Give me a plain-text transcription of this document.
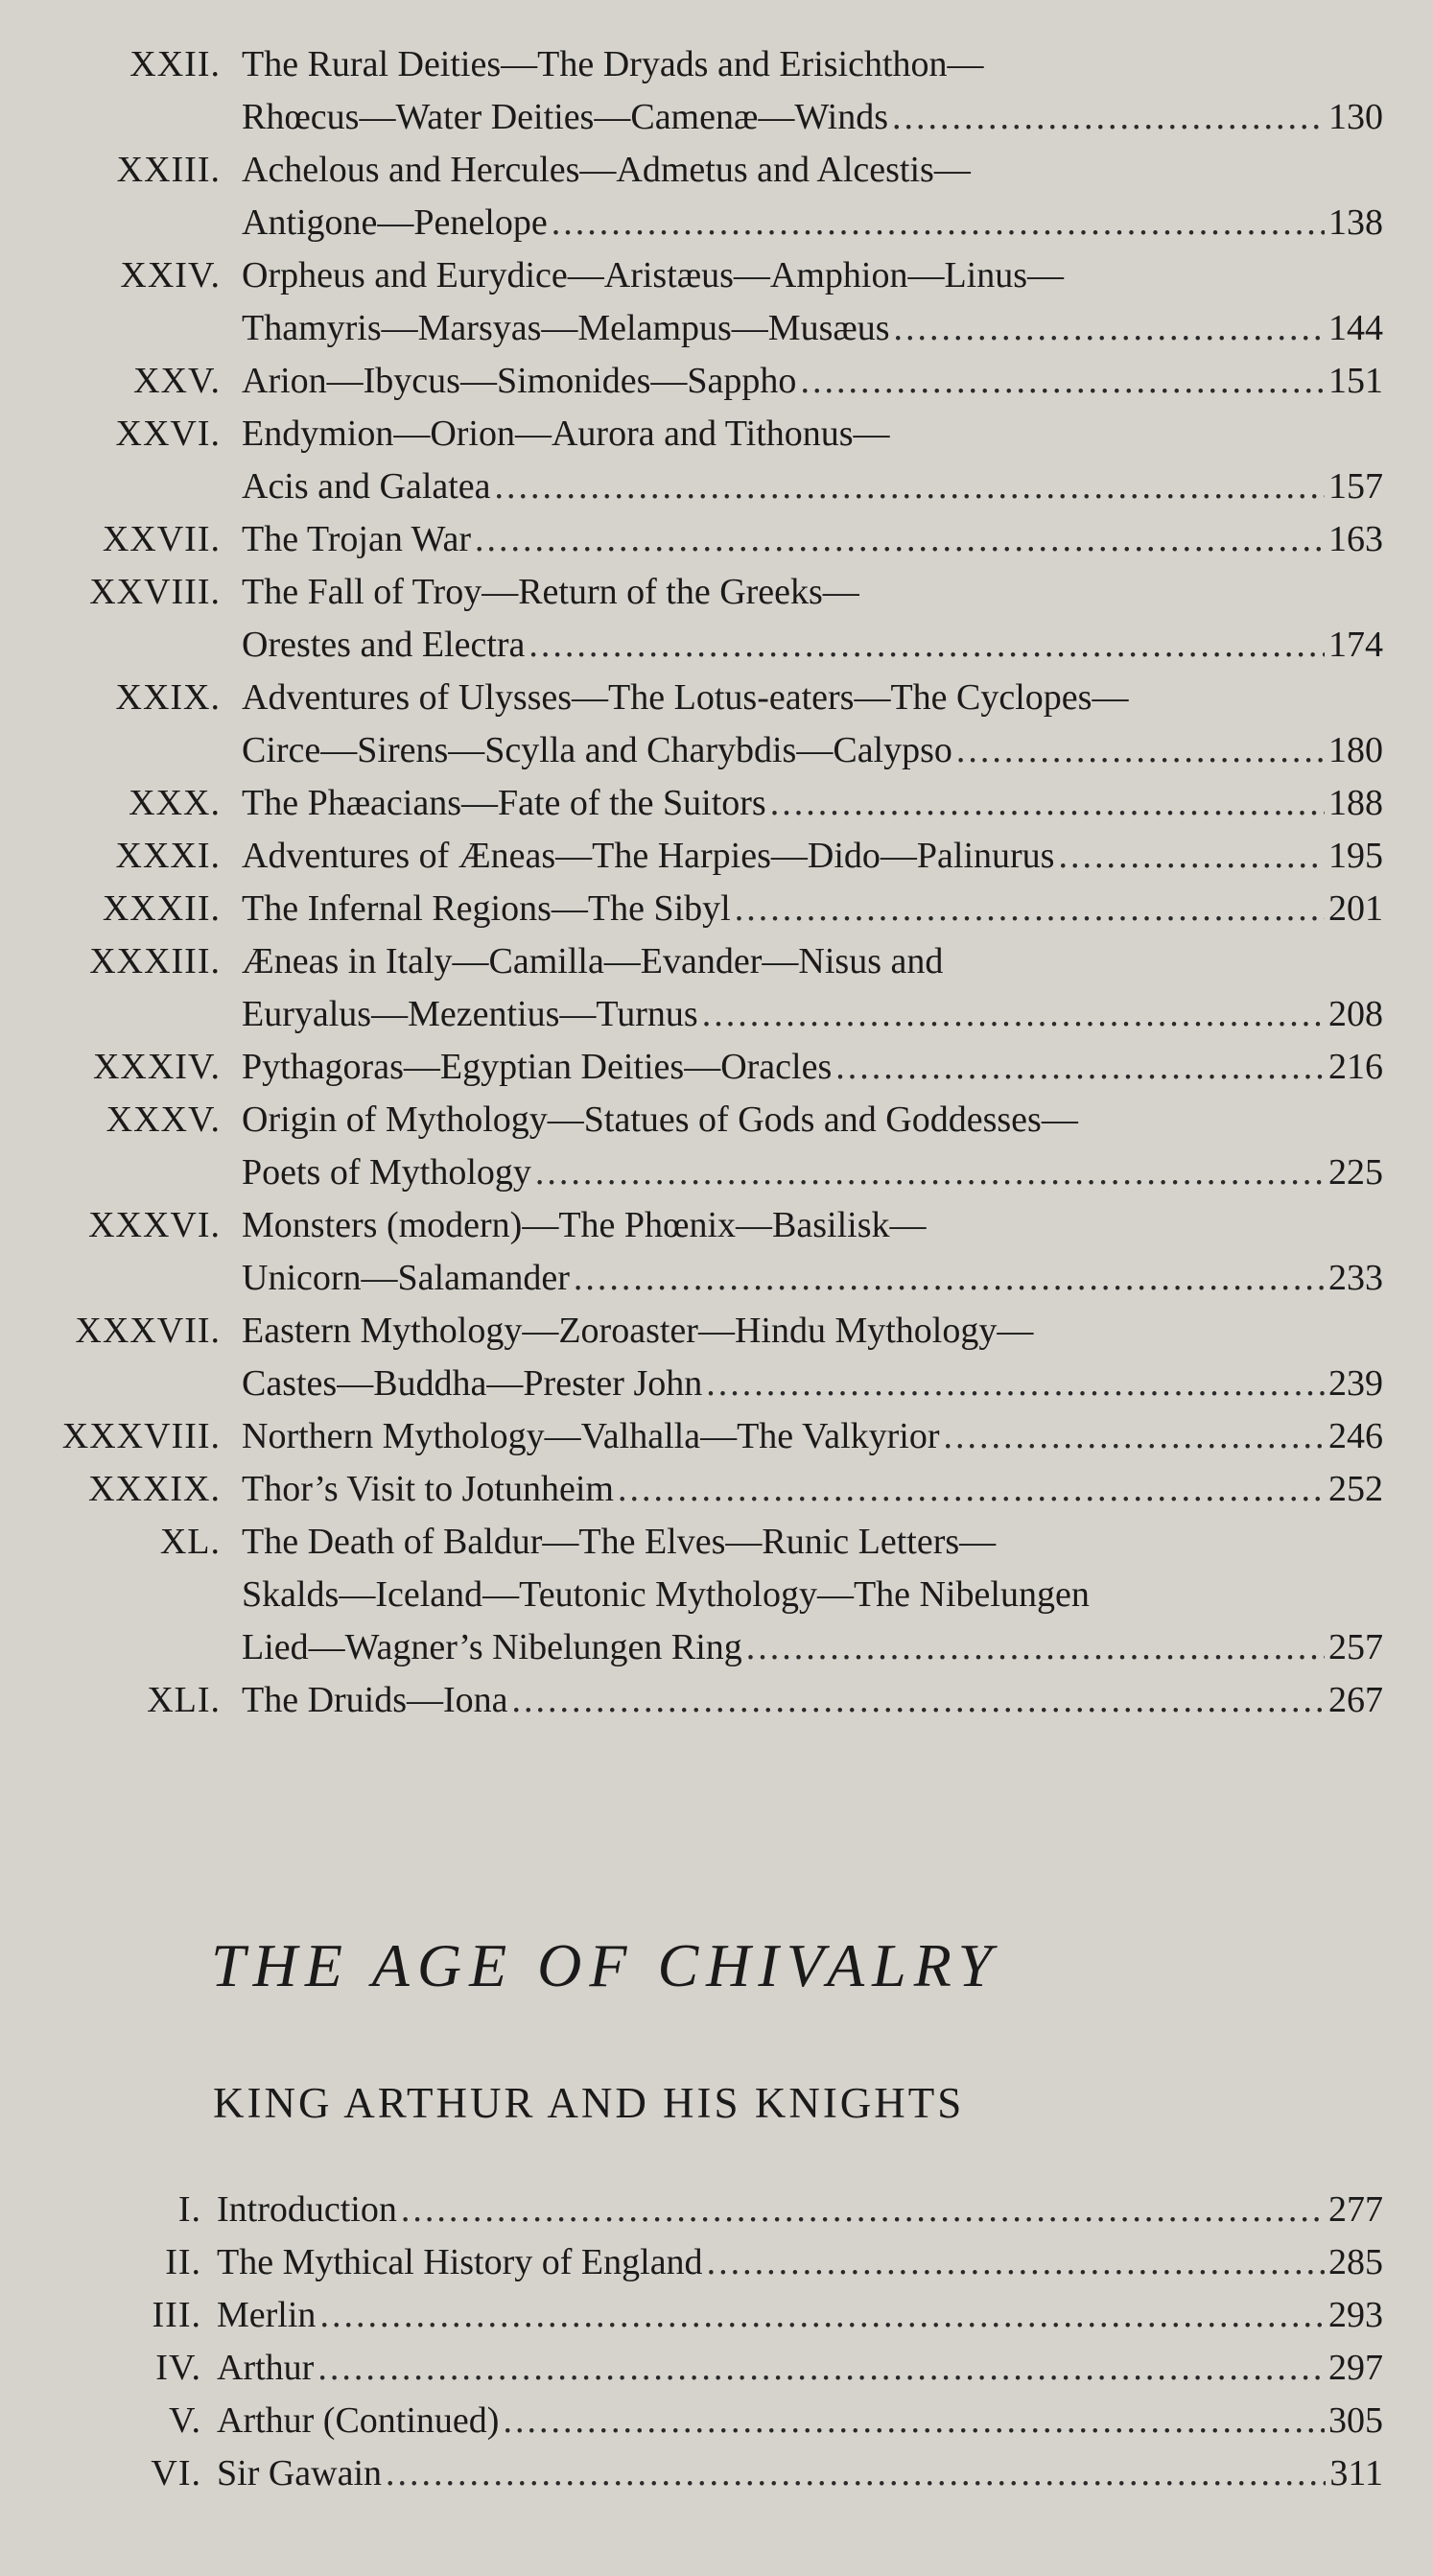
XXII. The Rural Deities—The Dryads and Erisichthon—
Rhœcus—Water Deities—Camenæ—Winds .....	130
XXIII. Achelous and Hercules—Admetus and Alcestis—
Antigone—Penelope .....	138
XXIV. Orpheus and Eurydice—Aristæus—Amphion—Linus—
Thamyris—Marsyas—Melampus—Musæus .....	144
XXV. Arion—Ibycus—Simonides—Sappho .....	151
XXVI. Endymion—Orion—Aurora and Tithonus—
Acis and Galatea .....	157
XXVII. The Trojan War .....	163
XXVIII. The Fall of Troy—Return of the Greeks—
Orestes and Electra .....	174
XXIX. Adventures of Ulysses—The Lotus-eaters—The Cyclopes—
Circe—Sirens—Scylla and Charybdis—Calypso .....	180
XXX. The Phæacians—Fate of the Suitors .....	188
XXXI. Adventures of Æneas—The Harpies—Dido—Palinurus .....	195
XXXII. The Infernal Regions—The Sibyl .....	201
XXXIII. Æneas in Italy—Camilla—Evander—Nisus and
Euryalus—Mezentius—Turnus .....	208
XXXIV. Pythagoras—Egyptian Deities—Oracles .....	216
XXXV. Origin of Mythology—Statues of Gods and Goddesses—
Poets of Mythology .....	225
XXXVI. Monsters (modern)—The Phœnix—Basilisk—
Unicorn—Salamander .....	233
XXXVII. Eastern Mythology—Zoroaster—Hindu Mythology—
Castes—Buddha—Prester John .....	239
XXXVIII. Northern Mythology—Valhalla—The Valkyrior .....	246
XXXIX. Thor’s Visit to Jotunheim .....	252
XL. The Death of Baldur—The Elves—Runic Letters—
Skalds—Iceland—Teutonic Mythology—The Nibelungen
Lied—Wagner’s Nibelungen Ring .....	257
XLI. The Druids—Iona .....	267
THE AGE OF CHIVALRY
KING ARTHUR AND HIS KNIGHTS
I. Introduction .....	277
II. The Mythical History of England .....	285
III. Merlin .....	293
IV. Arthur .....	297
V. Arthur (Continued) .....	305
VI. Sir Gawain .....	311
